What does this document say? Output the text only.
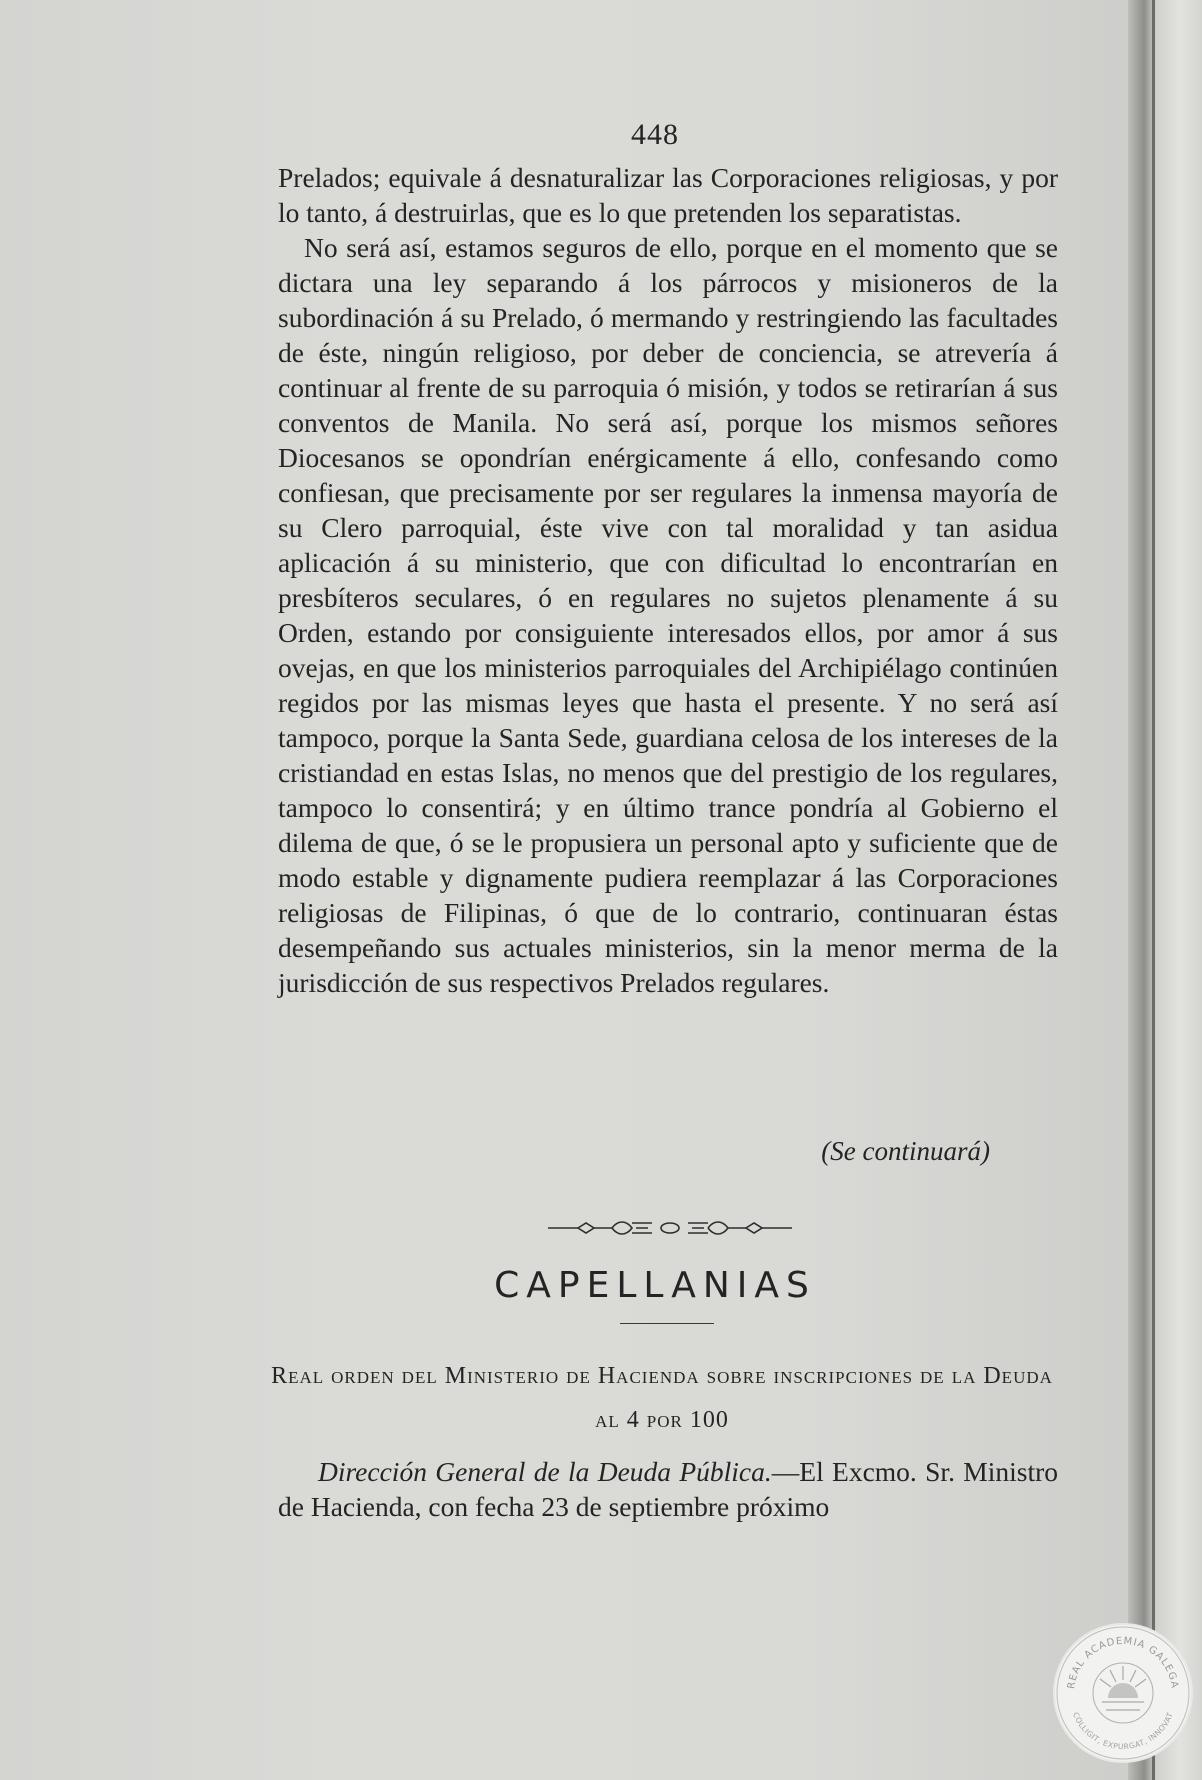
448

Prelados; equivale á desnaturalizar las Corporaciones religiosas, y por lo tanto, á destruirlas, que es lo que pretenden los separatistas.

No será así, estamos seguros de ello, porque en el momento que se dictara una ley separando á los párrocos y misioneros de la subordinación á su Prelado, ó mermando y restringiendo las facultades de éste, ningún religioso, por deber de conciencia, se atrevería á continuar al frente de su parroquia ó misión, y todos se retirarían á sus conventos de Manila. No será así, porque los mismos señores Diocesanos se opondrían enérgicamente á ello, confesando como confiesan, que precisamente por ser regulares la inmensa mayoría de su Clero parroquial, éste vive con tal moralidad y tan asidua aplicación á su ministerio, que con dificultad lo encontrarían en presbíteros seculares, ó en regulares no sujetos plenamente á su Orden, estando por consiguiente interesados ellos, por amor á sus ovejas, en que los ministerios parroquiales del Archipiélago continúen regidos por las mismas leyes que hasta el presente. Y no será así tampoco, porque la Santa Sede, guardiana celosa de los intereses de la cristiandad en estas Islas, no menos que del prestigio de los regulares, tampoco lo consentirá; y en último trance pondría al Gobierno el dilema de que, ó se le propusiera un personal apto y suficiente que de modo estable y dignamente pudiera reemplazar á las Corporaciones religiosas de Filipinas, ó que de lo contrario, continuaran éstas desempeñando sus actuales ministerios, sin la menor merma de la jurisdicción de sus respectivos Prelados regulares.

(Se continuará)
CAPELLANIAS
Real orden del Ministerio de Hacienda sobre inscripciones de la Deuda al 4 por 100

Dirección General de la Deuda Pública.—El Excmo. Sr. Ministro de Hacienda, con fecha 23 de septiembre próximo

REAL ACADEMIA GALEGA
COLLIGIT, EXPURGAT, INNOVAT
